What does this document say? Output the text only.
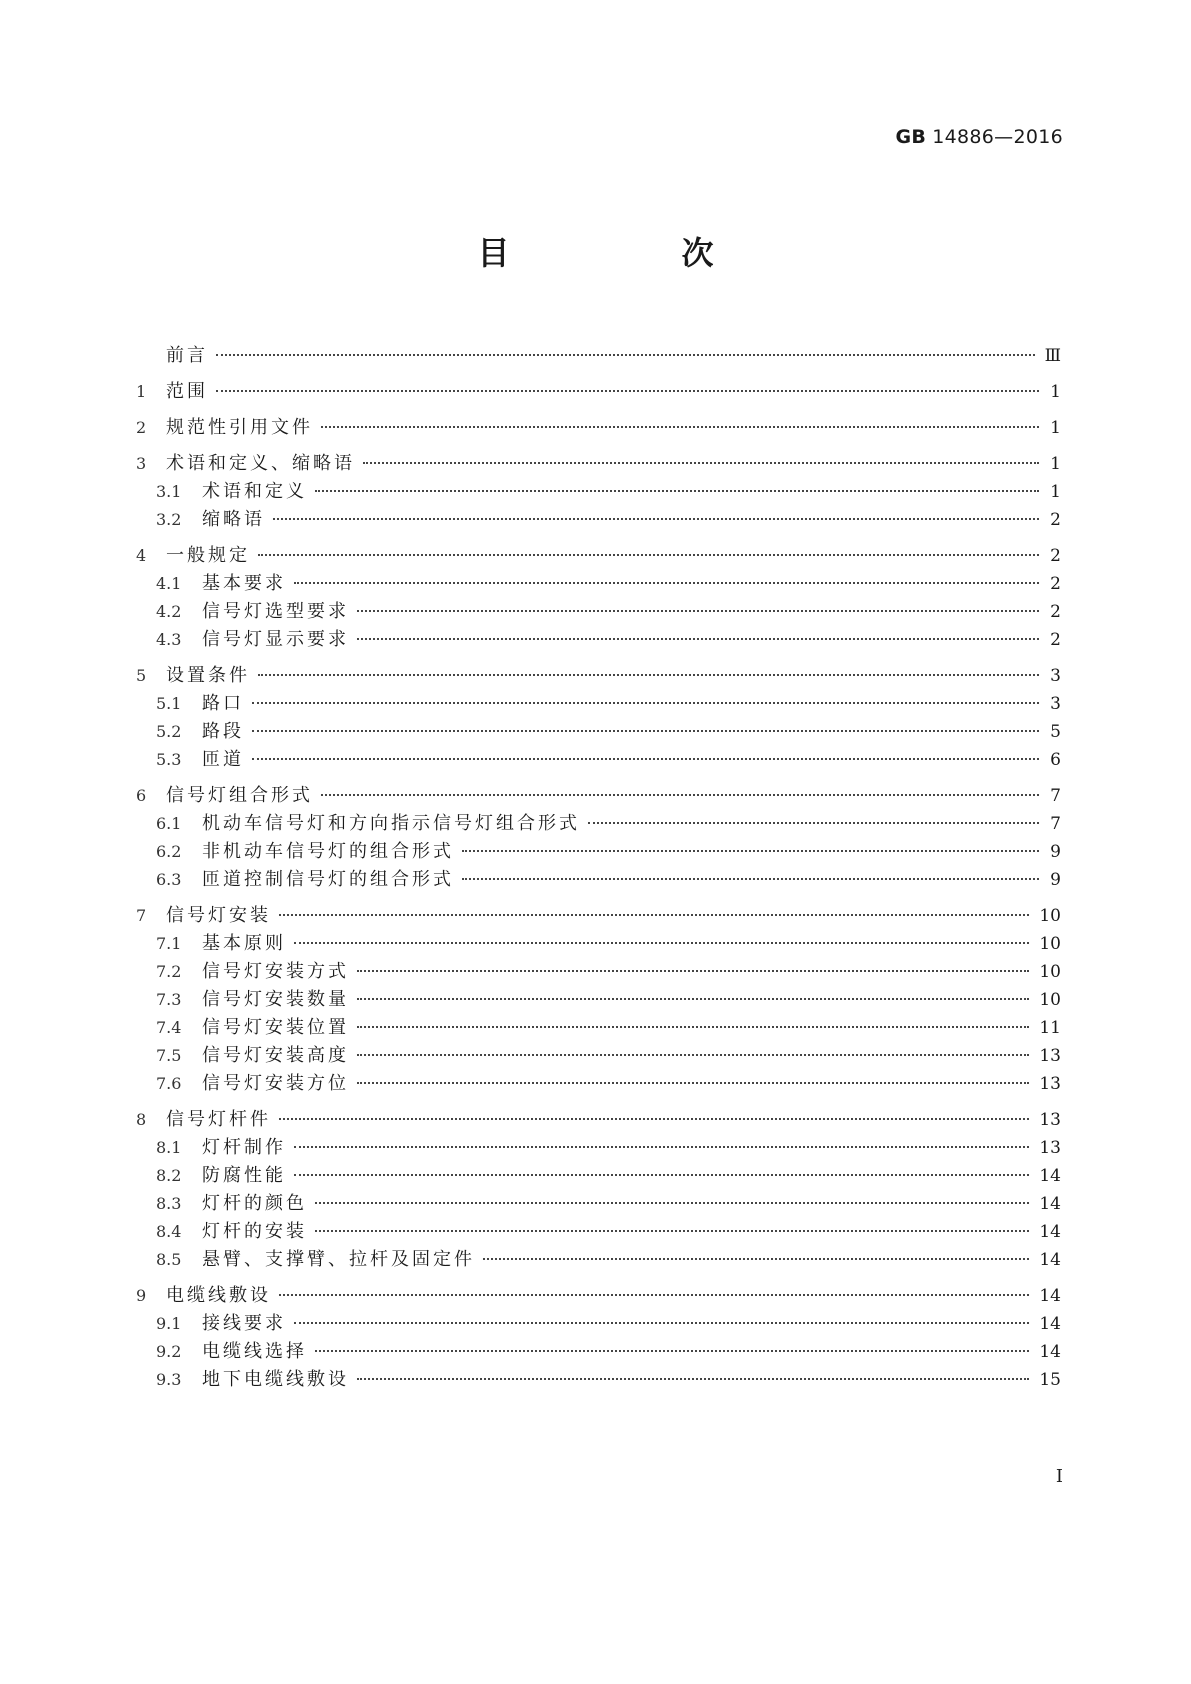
GB 14886—2016
目　次
前言	Ⅲ
1	范围	1
2	规范性引用文件	1
3	术语和定义、缩略语	1
3.1	术语和定义	1
3.2	缩略语	2
4	一般规定	2
4.1	基本要求	2
4.2	信号灯选型要求	2
4.3	信号灯显示要求	2
5	设置条件	3
5.1	路口	3
5.2	路段	5
5.3	匝道	6
6	信号灯组合形式	7
6.1	机动车信号灯和方向指示信号灯组合形式	7
6.2	非机动车信号灯的组合形式	9
6.3	匝道控制信号灯的组合形式	9
7	信号灯安装	10
7.1	基本原则	10
7.2	信号灯安装方式	10
7.3	信号灯安装数量	10
7.4	信号灯安装位置	11
7.5	信号灯安装高度	13
7.6	信号灯安装方位	13
8	信号灯杆件	13
8.1	灯杆制作	13
8.2	防腐性能	14
8.3	灯杆的颜色	14
8.4	灯杆的安装	14
8.5	悬臂、支撑臂、拉杆及固定件	14
9	电缆线敷设	14
9.1	接线要求	14
9.2	电缆线选择	14
9.3	地下电缆线敷设	15
I
